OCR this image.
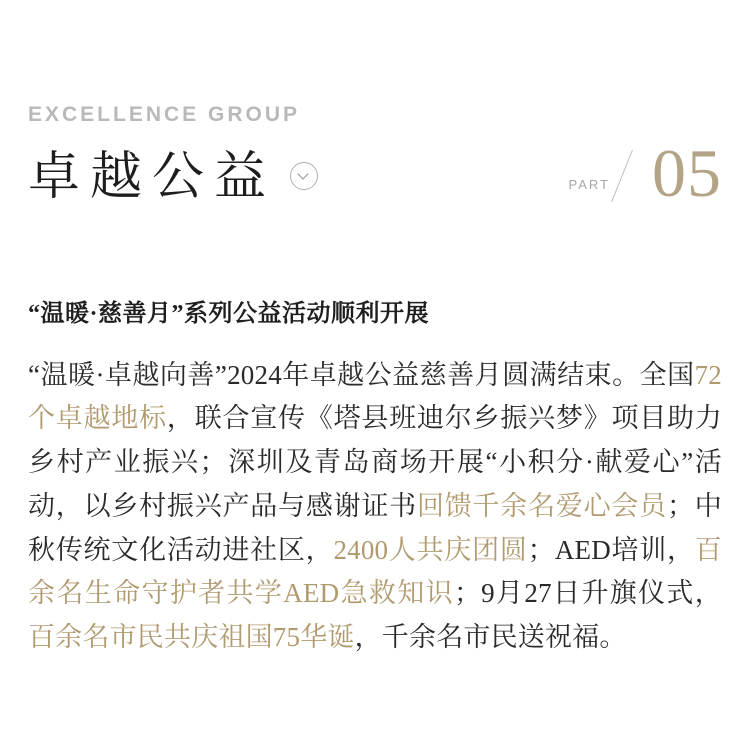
EXCELLENCE GROUP
卓越公益	PART 05
“温暖·慈善月”系列公益活动顺利开展
“温暖·卓越向善”2024年卓越公益慈善月圆满结束。全国72个卓越地标，联合宣传《塔县班迪尔乡振兴梦》项目助力乡村产业振兴；深圳及青岛商场开展“小积分·献爱心”活动，以乡村振兴产品与感谢证书回馈千余名爱心会员；中秋传统文化活动进社区，2400人共庆团圆；AED培训，百余名生命守护者共学AED急救知识；9月27日升旗仪式，百余名市民共庆祖国75华诞，千余名市民送祝福。
